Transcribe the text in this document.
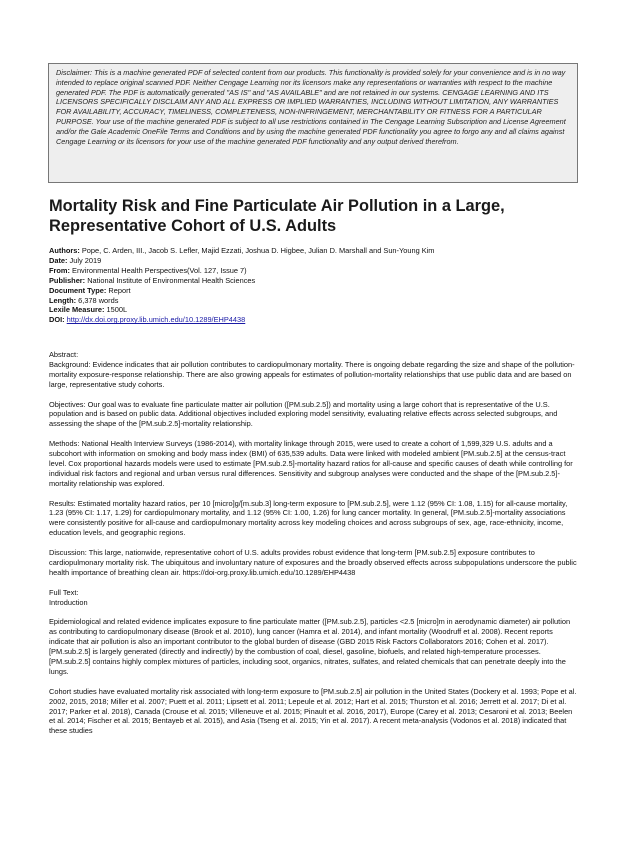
Disclaimer: This is a machine generated PDF of selected content from our products. This functionality is provided solely for your convenience and is in no way intended to replace original scanned PDF. Neither Cengage Learning nor its licensors make any representations or warranties with respect to the machine generated PDF. The PDF is automatically generated "AS IS" and "AS AVAILABLE" and are not retained in our systems. CENGAGE LEARNING AND ITS LICENSORS SPECIFICALLY DISCLAIM ANY AND ALL EXPRESS OR IMPLIED WARRANTIES, INCLUDING WITHOUT LIMITATION, ANY WARRANTIES FOR AVAILABILITY, ACCURACY, TIMELINESS, COMPLETENESS, NON-INFRINGEMENT, MERCHANTABILITY OR FITNESS FOR A PARTICULAR PURPOSE. Your use of the machine generated PDF is subject to all use restrictions contained in The Cengage Learning Subscription and License Agreement and/or the Gale Academic OneFile Terms and Conditions and by using the machine generated PDF functionality you agree to forgo any and all claims against Cengage Learning or its licensors for your use of the machine generated PDF functionality and any output derived therefrom.
Mortality Risk and Fine Particulate Air Pollution in a Large, Representative Cohort of U.S. Adults
Authors: Pope, C. Arden, III., Jacob S. Lefler, Majid Ezzati, Joshua D. Higbee, Julian D. Marshall and Sun-Young Kim
Date: July 2019
From: Environmental Health Perspectives(Vol. 127, Issue 7)
Publisher: National Institute of Environmental Health Sciences
Document Type: Report
Length: 6,378 words
Lexile Measure: 1500L
DOI: http://dx.doi.org.proxy.lib.umich.edu/10.1289/EHP4438
Abstract:

Background: Evidence indicates that air pollution contributes to cardiopulmonary mortality. There is ongoing debate regarding the size and shape of the pollution-mortality exposure-response relationship. There are also growing appeals for estimates of pollution-mortality relationships that use public data and are based on large, representative study cohorts.

Objectives: Our goal was to evaluate fine particulate matter air pollution ([PM.sub.2.5]) and mortality using a large cohort that is representative of the U.S. population and is based on public data. Additional objectives included exploring model sensitivity, evaluating relative effects across selected subgroups, and assessing the shape of the [PM.sub.2.5]-mortality relationship.

Methods: National Health Interview Surveys (1986-2014), with mortality linkage through 2015, were used to create a cohort of 1,599,329 U.S. adults and a subcohort with information on smoking and body mass index (BMI) of 635,539 adults. Data were linked with modeled ambient [PM.sub.2.5] at the census-tract level. Cox proportional hazards models were used to estimate [PM.sub.2.5]-mortality hazard ratios for all-cause and specific causes of death while controlling for individual risk factors and regional and urban versus rural differences. Sensitivity and subgroup analyses were conducted and the shape of the [PM.sub.2.5]-mortality relationship was explored.

Results: Estimated mortality hazard ratios, per 10 [micro]g/[m.sub.3] long-term exposure to [PM.sub.2.5], were 1.12 (95% CI: 1.08, 1.15) for all-cause mortality, 1.23 (95% CI: 1.17, 1.29) for cardiopulmonary mortality, and 1.12 (95% CI: 1.00, 1.26) for lung cancer mortality. In general, [PM.sub.2.5]-mortality associations were consistently positive for all-cause and cardiopulmonary mortality across key modeling choices and across subgroups of sex, age, race-ethnicity, income, education levels, and geographic regions.

Discussion: This large, nationwide, representative cohort of U.S. adults provides robust evidence that long-term [PM.sub.2.5] exposure contributes to cardiopulmonary mortality risk. The ubiquitous and involuntary nature of exposures and the broadly observed effects across subpopulations underscore the public health importance of breathing clean air. https://doi-org.proxy.lib.umich.edu/10.1289/EHP4438

Full Text:

Introduction

Epidemiological and related evidence implicates exposure to fine particulate matter ([PM.sub.2.5], particles <2.5 [micro]m in aerodynamic diameter) air pollution as contributing to cardiopulmonary disease (Brook et al. 2010), lung cancer (Hamra et al. 2014), and infant mortality (Woodruff et al. 2008). Recent reports indicate that air pollution is also an important contributor to the global burden of disease (GBD 2015 Risk Factors Collaborators 2016; Cohen et al. 2017). [PM.sub.2.5] is largely generated (directly and indirectly) by the combustion of coal, diesel, gasoline, biofuels, and related high-temperature processes. [PM.sub.2.5] contains highly complex mixtures of particles, including soot, organics, nitrates, sulfates, and related chemicals that can penetrate deeply into the lungs.

Cohort studies have evaluated mortality risk associated with long-term exposure to [PM.sub.2.5] air pollution in the United States (Dockery et al. 1993; Pope et al. 2002, 2015, 2018; Miller et al. 2007; Puett et al. 2011; Lipsett et al. 2011; Lepeule et al. 2012; Hart et al. 2015; Thurston et al. 2016; Jerrett et al. 2017; Di et al. 2017; Parker et al. 2018), Canada (Crouse et al. 2015; Villeneuve et al. 2015; Pinault et al. 2016, 2017), Europe (Carey et al. 2013; Cesaroni et al. 2013; Beelen et al. 2014; Fischer et al. 2015; Bentayeb et al. 2015), and Asia (Tseng et al. 2015; Yin et al. 2017). A recent meta-analysis (Vodonos et al. 2018) indicated that these studies
